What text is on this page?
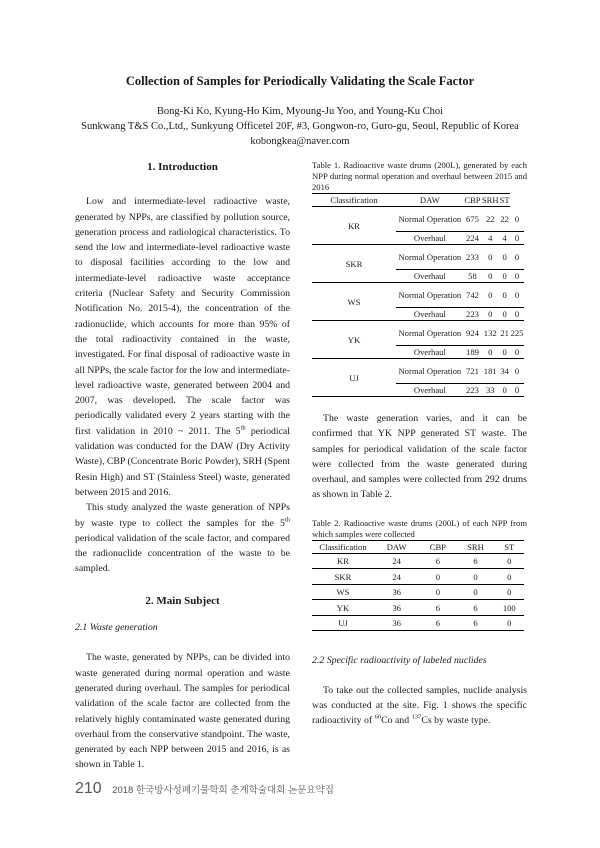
Collection of Samples for Periodically Validating the Scale Factor
Bong-Ki Ko, Kyung-Ho Kim, Myoung-Ju Yoo, and Young-Ku Choi
Sunkwang T&S Co.,Ltd,, Sunkyung Officetel 20F, #3, Gongwon-ro, Guro-gu, Seoul, Republic of Korea
kobongkea@naver.com
1. Introduction

Low and intermediate-level radioactive waste, generated by NPPs, are classified by pollution source, generation process and radiological characteristics. To send the low and intermediate-level radioactive waste to disposal facilities according to the low and intermediate-level radioactive waste acceptance criteria (Nuclear Safety and Security Commission Notification No. 2015-4), the concentration of the radionuclide, which accounts for more than 95% of the total radioactivity contained in the waste, investigated. For final disposal of radioactive waste in all NPPs, the scale factor for the low and intermediate-level radioactive waste, generated between 2004 and 2007, was developed. The scale factor was periodically validated every 2 years starting with the first validation in 2010 ~ 2011. The 5th periodical validation was conducted for the DAW (Dry Activity Waste), CBP (Concentrate Boric Powder), SRH (Spent Resin High) and ST (Stainless Steel) waste, generated between 2015 and 2016.

This study analyzed the waste generation of NPPs by waste type to collect the samples for the 5th periodical validation of the scale factor, and compared the radionuclide concentration of the waste to be sampled.

2. Main Subject

2.1 Waste generation

The waste, generated by NPPs, can be divided into waste generated during normal operation and waste generated during overhaul. The samples for periodical validation of the scale factor are collected from the relatively highly contaminated waste generated during overhaul from the conservative standpoint. The waste, generated by each NPP between 2015 and 2016, is as shown in Table 1.

Table 1. Radioactive waste drums (200L), generated by each NPP during normal operation and overhaul between 2015 and 2016

Classification	DAW	CBP	SRH	ST	
KR	Normal Operation	675	22	22	0
	Overhaul	224	4	4	0
SKR	Normal Operation	233	0	0	0
	Overhaul	58	0	0	0
WS	Normal Operation	742	0	0	0
	Overhaul	223	0	0	0
YK	Normal Operation	924	132	21	225
	Overhaul	189	0	0	0
UJ	Normal Operation	721	181	34	0
	Overhaul	223	33	0	0

The waste generation varies, and it can be confirmed that YK NPP generated ST waste. The samples for periodical validation of the scale factor were collected from the waste generated during overhaul, and samples were collected from 292 drums as shown in Table 2.

Table 2. Radioactive waste drums (200L) of each NPP from which samples were collected

Classification	DAW	CBP	SRH	ST
KR	24	6	6	0
SKR	24	0	0	0
WS	36	0	0	0
YK	36	6	6	100
UJ	36	6	6	0

2.2 Specific radioactivity of labeled nuclides

To take out the collected samples, nuclide analysis was conducted at the site. Fig. 1 shows the specific radioactivity of $^{60}$Co and $^{137}$Cs by waste type.

210 2018 한국방사성폐기물학회 춘계학술대회 논문요약집
